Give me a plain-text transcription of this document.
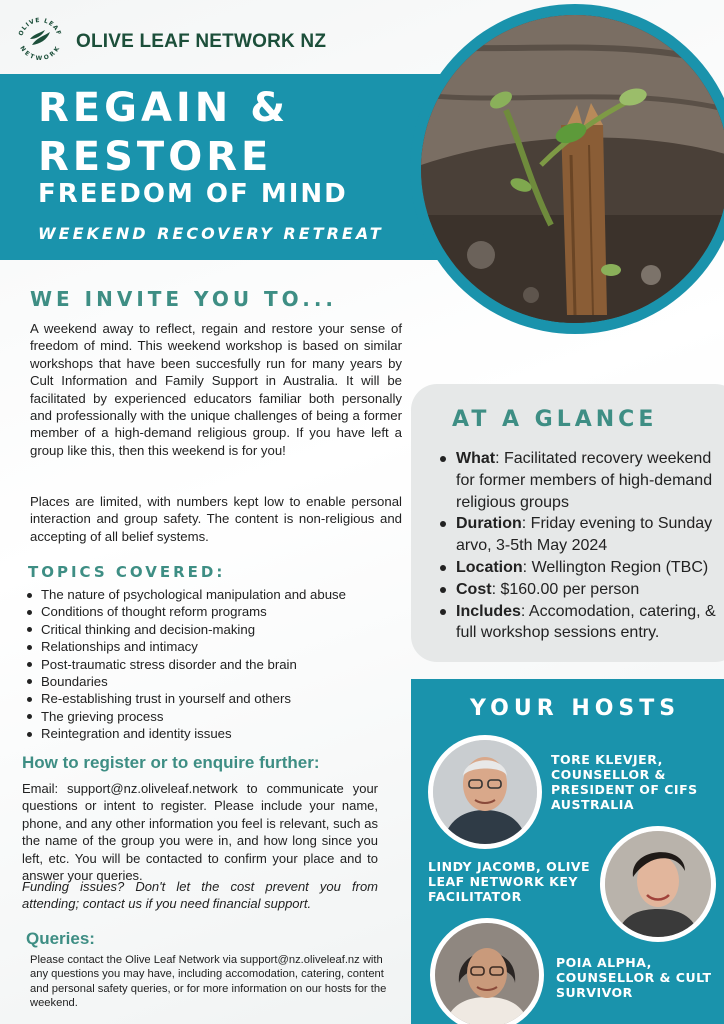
OLIVE LEAF
NETWORK OLIVE LEAF NETWORK NZ
REGAIN &
RESTORE
FREEDOM OF MIND
WEEKEND RECOVERY RETREAT
WE INVITE YOU TO...

A weekend away to reflect, regain and restore your sense of freedom of mind. This weekend workshop is based on similar workshops that have been succesfully run for many years by Cult Information and Family Support in Australia. It will be facilitated by experienced educators familiar both personally and professionally with the unique challenges of being a former member of a high-demand religious group. If you have left a group like this, then this weekend is for you!

Places are limited, with numbers kept low to enable personal interaction and group safety. The content is non-religious and accepting of all belief systems.

TOPICS COVERED:
The nature of psychological manipulation and abuse
Conditions of thought reform programs
Critical thinking and decision-making
Relationships and intimacy
Post-traumatic stress disorder and the brain
Boundaries
Re-establishing trust in yourself and others
The grieving process
Reintegration and identity issues
How to register or to enquire further:

Email: support@nz.oliveleaf.network to communicate your questions or intent to register. Please include your name, phone, and any other information you feel is relevant, such as the name of the group you were in, and how long since you left, etc. You will be contacted to confirm your place and to answer your queries.

Funding issues? Don't let the cost prevent you from attending; contact us if you need financial support.

Queries:

Please contact the Olive Leaf Network via support@nz.oliveleaf.nz with any questions you may have, including accomodation, catering, content and personal safety queries, or for more information on our hosts for the weekend.

AT A GLANCE
What: Facilitated recovery weekend for former members of high-demand religious groups
Duration: Friday evening to Sunday arvo, 3-5th May 2024
Location: Wellington Region (TBC)
Cost: $160.00 per person
Includes: Accomodation, catering, & full workshop sessions entry.
YOUR HOSTS
TORE KLEVJER, COUNSELLOR & PRESIDENT OF CIFS AUSTRALIA
LINDY JACOMB, OLIVE LEAF NETWORK KEY FACILITATOR
POIA ALPHA, COUNSELLOR & CULT SURVIVOR
